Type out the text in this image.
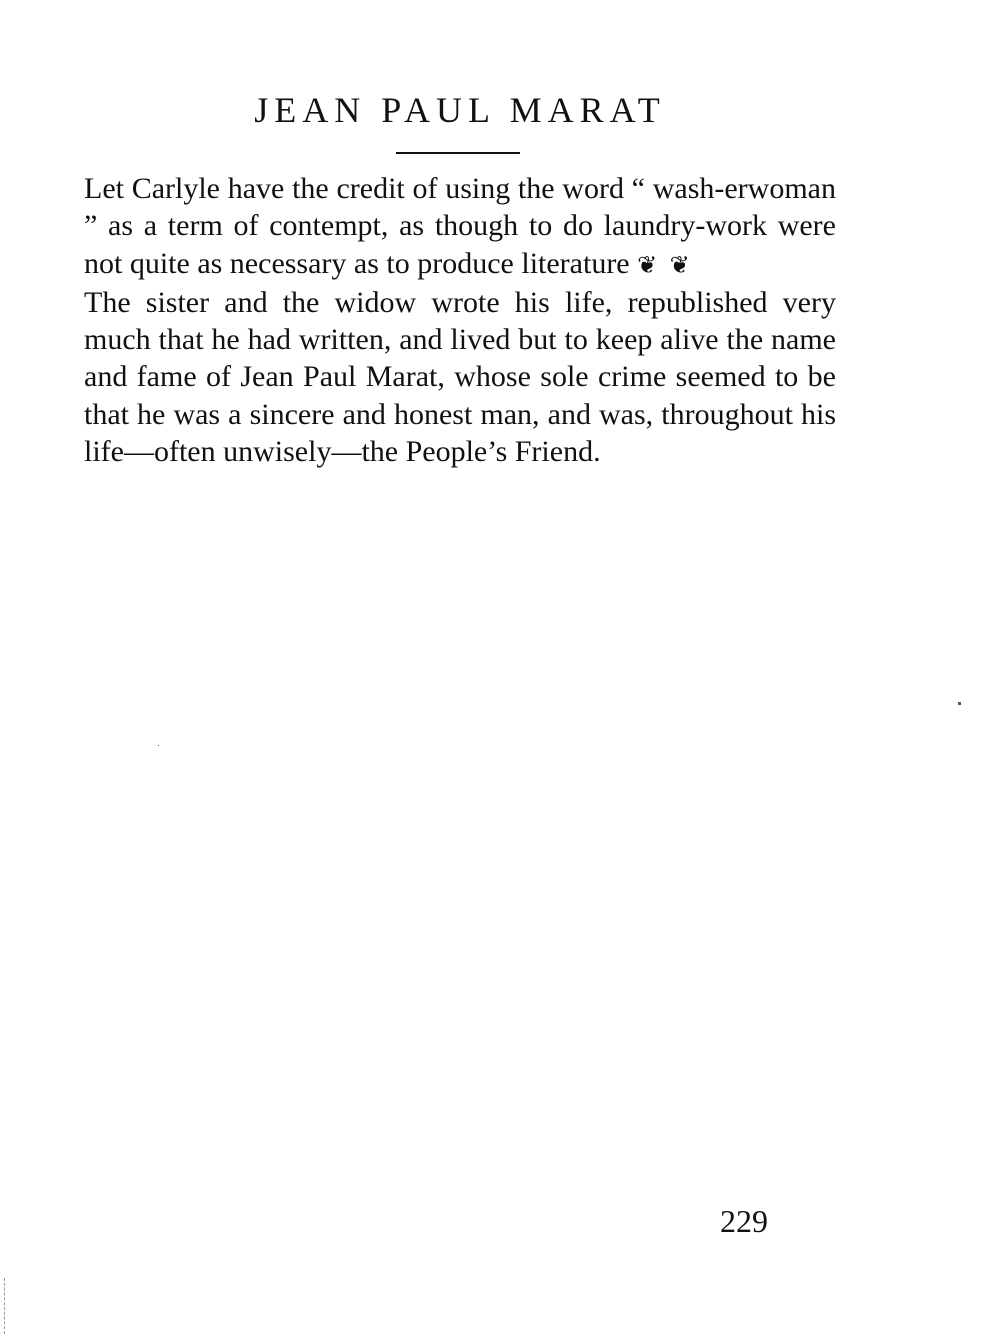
JEAN PAUL MARAT

Let Carlyle have the credit of using the word “ wash-erwoman ” as a term of contempt, as though to do laundry-work were not quite as necessary as to produce literature ❦ ❦

The sister and the widow wrote his life, republished very much that he had written, and lived but to keep alive the name and fame of Jean Paul Marat, whose sole crime seemed to be that he was a sincere and honest man, and was, throughout his life—often unwisely—the People’s Friend.

229
